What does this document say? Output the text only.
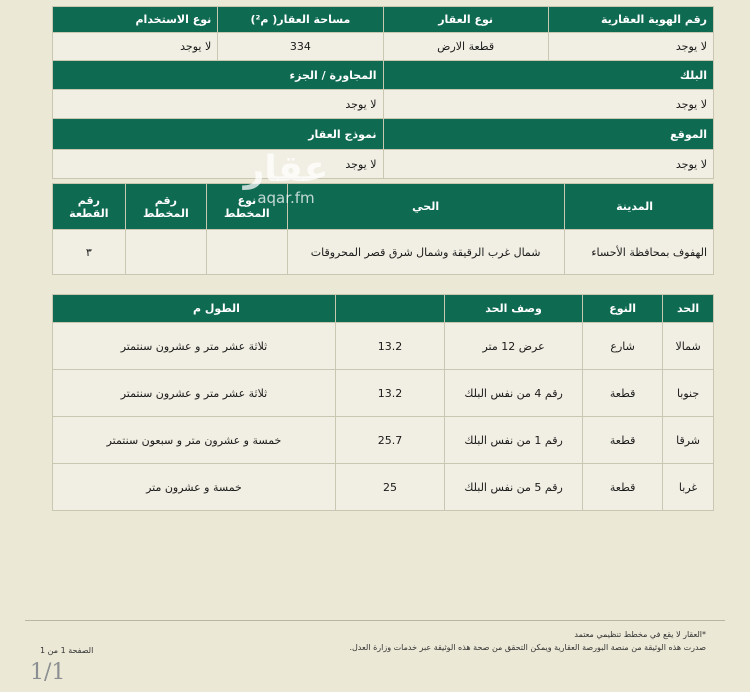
رقم الهوية العقارية	نوع العقار	مساحة العقار( م²)	نوع الاستخدام
لا يوجد	قطعة الارض	334	لا يوجد
البلك		المجاورة / الجزء	
لا يوجد		لا يوجد	
الموقع		نموذج العقار	
لا يوجد		لا يوجد	
المدينة	الحي	نوع المخطط	رقم المخطط	رقم القطعة
الهفوف بمحافظة الأحساء	شمال غرب الرقيقة وشمال شرق قصر المحروقات			٣
الحد	النوع	وصف الحد		الطول م
شمالا	شارع	عرض 12 متر	13.2	ثلاثة عشر متر و عشرون سنتمتر
جنوبا	قطعة	رقم 4 من نفس البلك	13.2	ثلاثة عشر متر و عشرون سنتمتر
شرقا	قطعة	رقم 1 من نفس البلك	25.7	خمسة و عشرون متر و سبعون سنتمتر
غربا	قطعة	رقم 5 من نفس البلك	25	خمسة و عشرون متر
عقار
aqar.fm
*العقار لا يقع في مخطط تنظيمي معتمد
صدرت هذه الوثيقة من منصة البورصة العقارية ويمكن التحقق من صحة هذه الوثيقة عبر خدمات وزارة العدل.
الصفحة 1 من 1
1/1
